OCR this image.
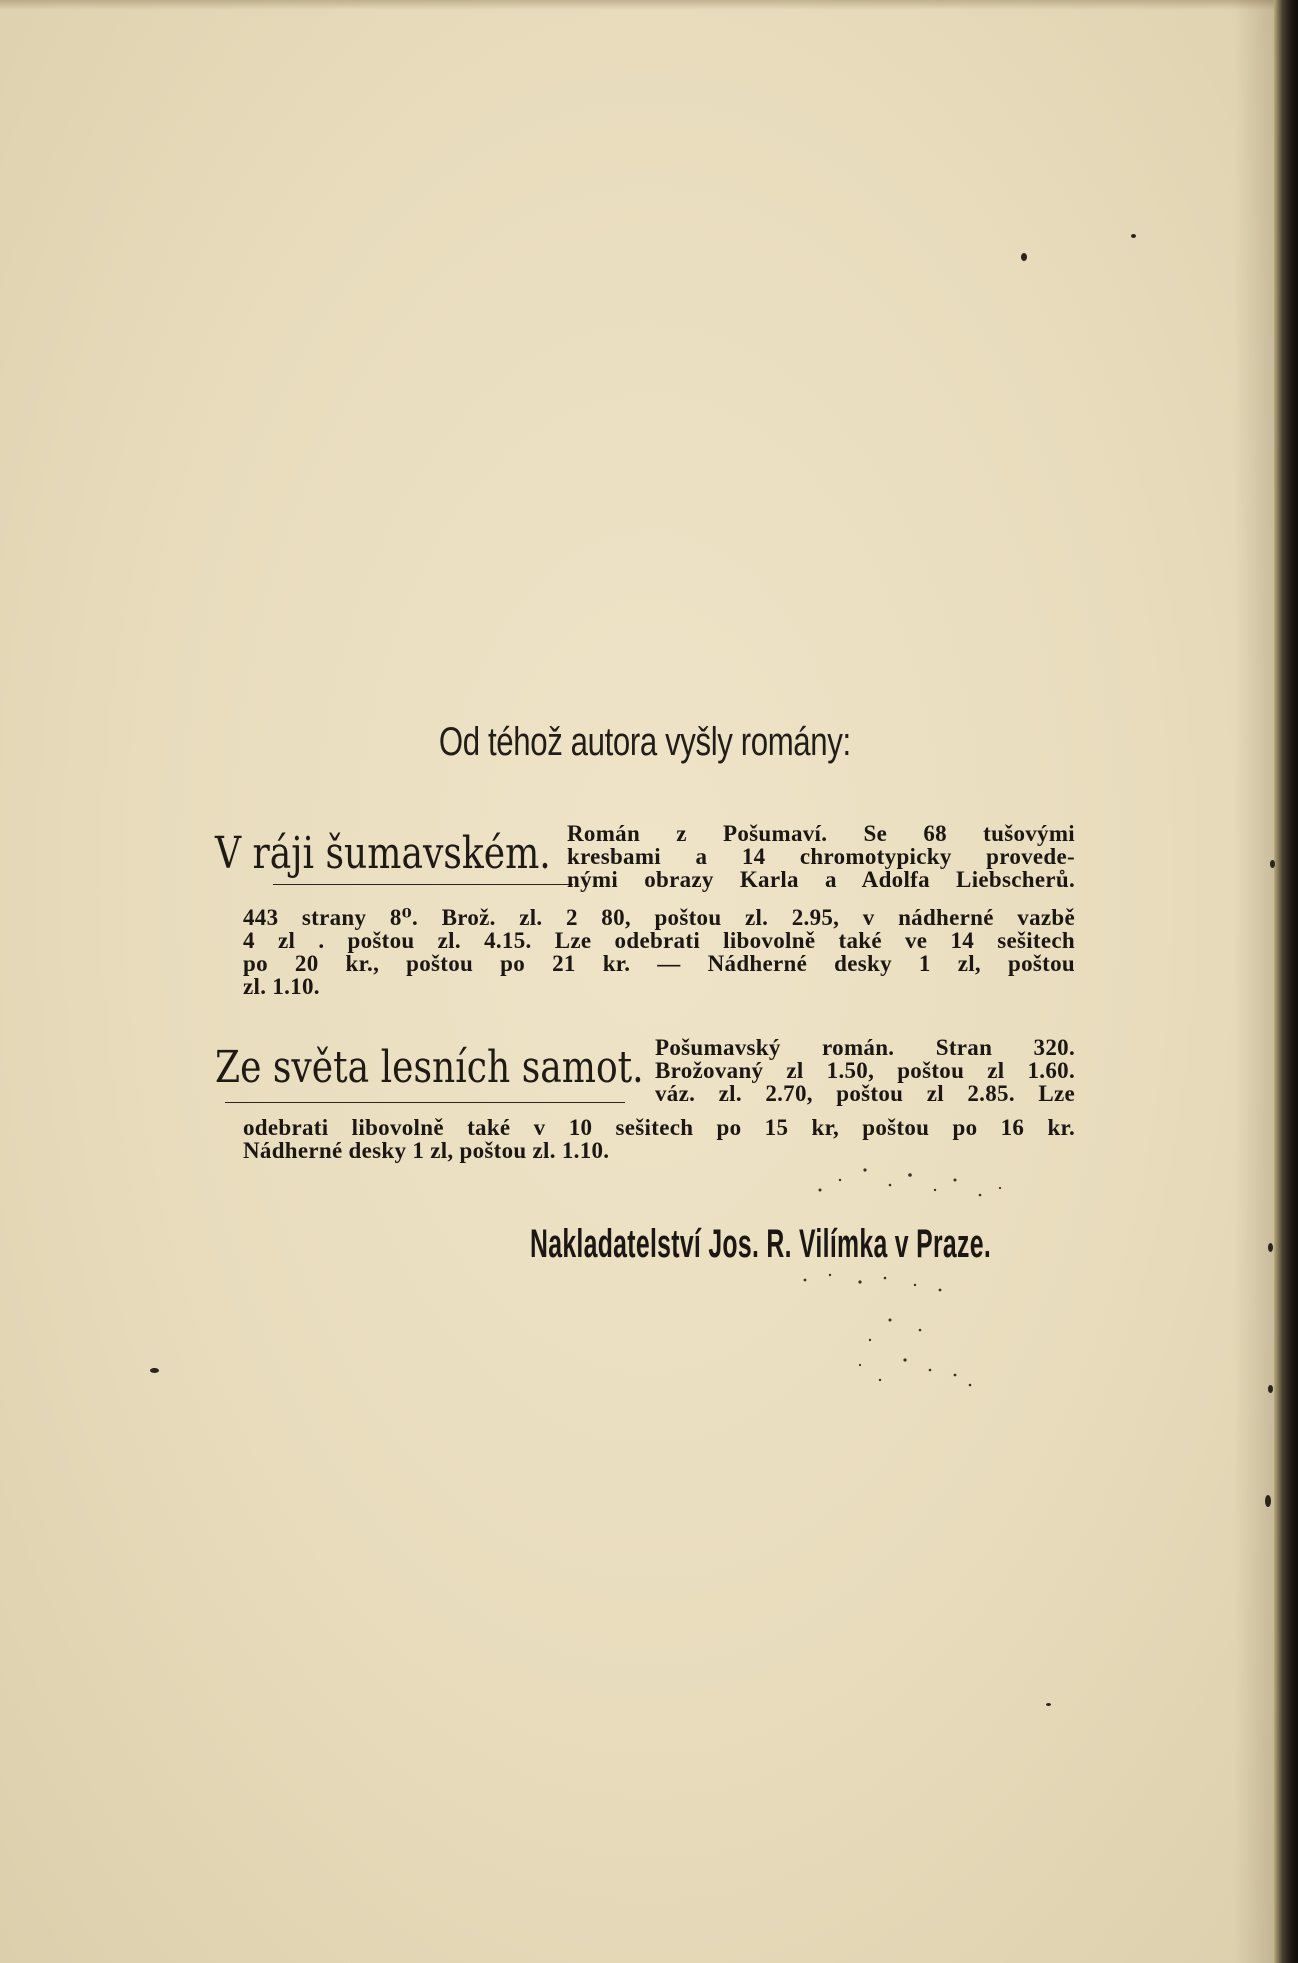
Od téhož autora vyšly romány:
V ráji šumavském. Román z Pošumaví. Se 68 tušovými
kresbami a 14 chromotypicky provede-
nými obrazy Karla a Adolfa Liebscherů.
443 strany 8⁰. Brož. zl. 2 80, poštou zl. 2.95, v nádherné vazbě
4 zl . poštou zl. 4.15. Lze odebrati libovolně také ve 14 sešitech
po 20 kr., poštou po 21 kr. — Nádherné desky 1 zl, poštou
zl. 1.10.
Ze světa lesních samot. Pošumavský román. Stran 320.
Brožovaný zl 1.50, poštou zl 1.60.
váz. zl. 2.70, poštou zl 2.85. Lze
odebrati libovolně také v 10 sešitech po 15 kr, poštou po 16 kr.
Nádherné desky 1 zl, poštou zl. 1.10.
Nakladatelství Jos. R. Vilímka v Praze.
